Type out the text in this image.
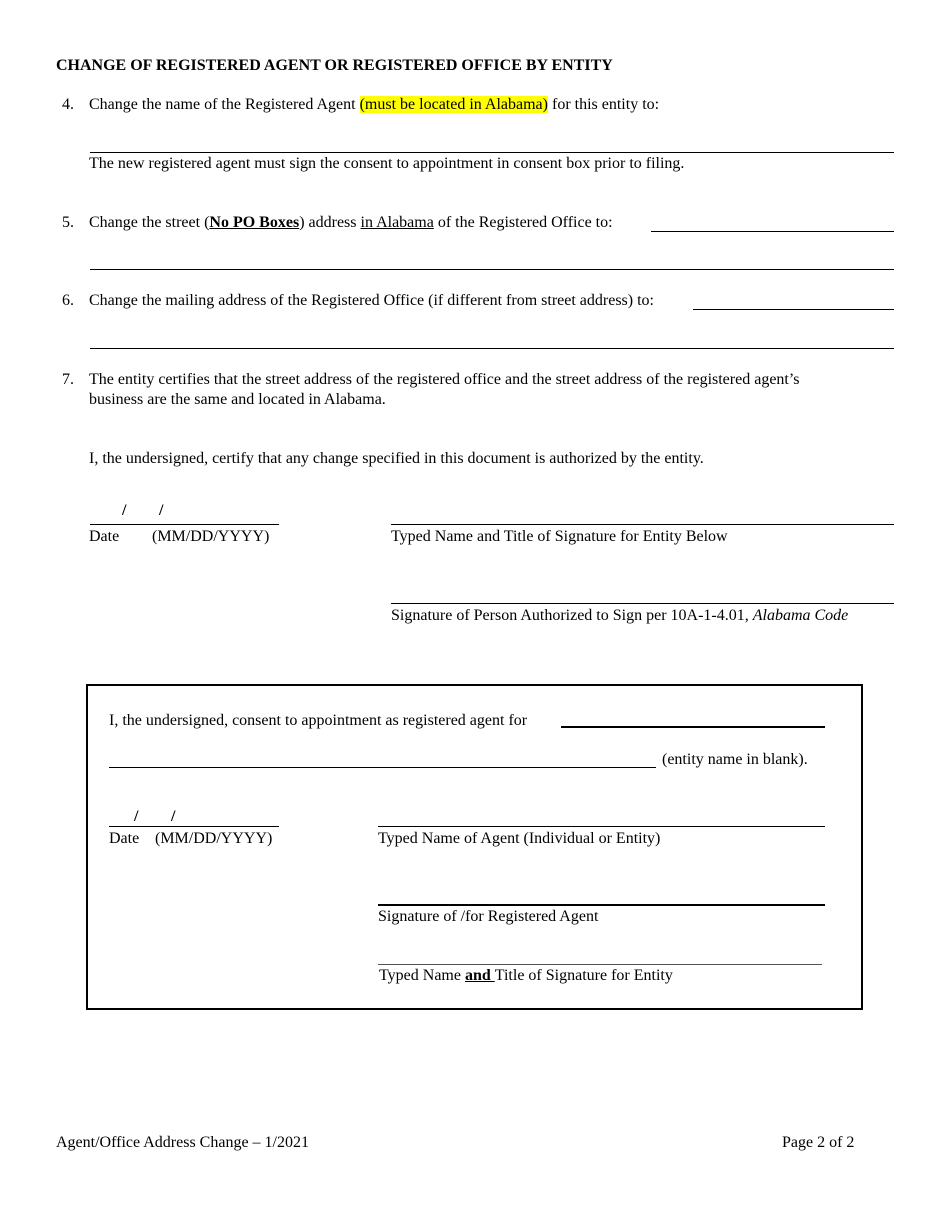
CHANGE OF REGISTERED AGENT OR REGISTERED OFFICE BY ENTITY
4. Change the name of the Registered Agent (must be located in Alabama) for this entity to:
The new registered agent must sign the consent to appointment in consent box prior to filing.
5. Change the street (No PO Boxes) address in Alabama of the Registered Office to:
6. Change the mailing address of the Registered Office (if different from street address) to:
7. The entity certifies that the street address of the registered office and the street address of the registered agent’s
business are the same and located in Alabama.
I, the undersigned, certify that any change specified in this document is authorized by the entity.
/ /
Date (MM/DD/YYYY)	Typed Name and Title of Signature for Entity Below
Signature of Person Authorized to Sign per 10A-1-4.01, Alabama Code
I, the undersigned, consent to appointment as registered agent for
(entity name in blank).
/ /
Date (MM/DD/YYYY)	Typed Name of Agent (Individual or Entity)
Signature of /for Registered Agent
Typed Name and Title of Signature for Entity
Agent/Office Address Change – 1/2021	Page 2 of 2
